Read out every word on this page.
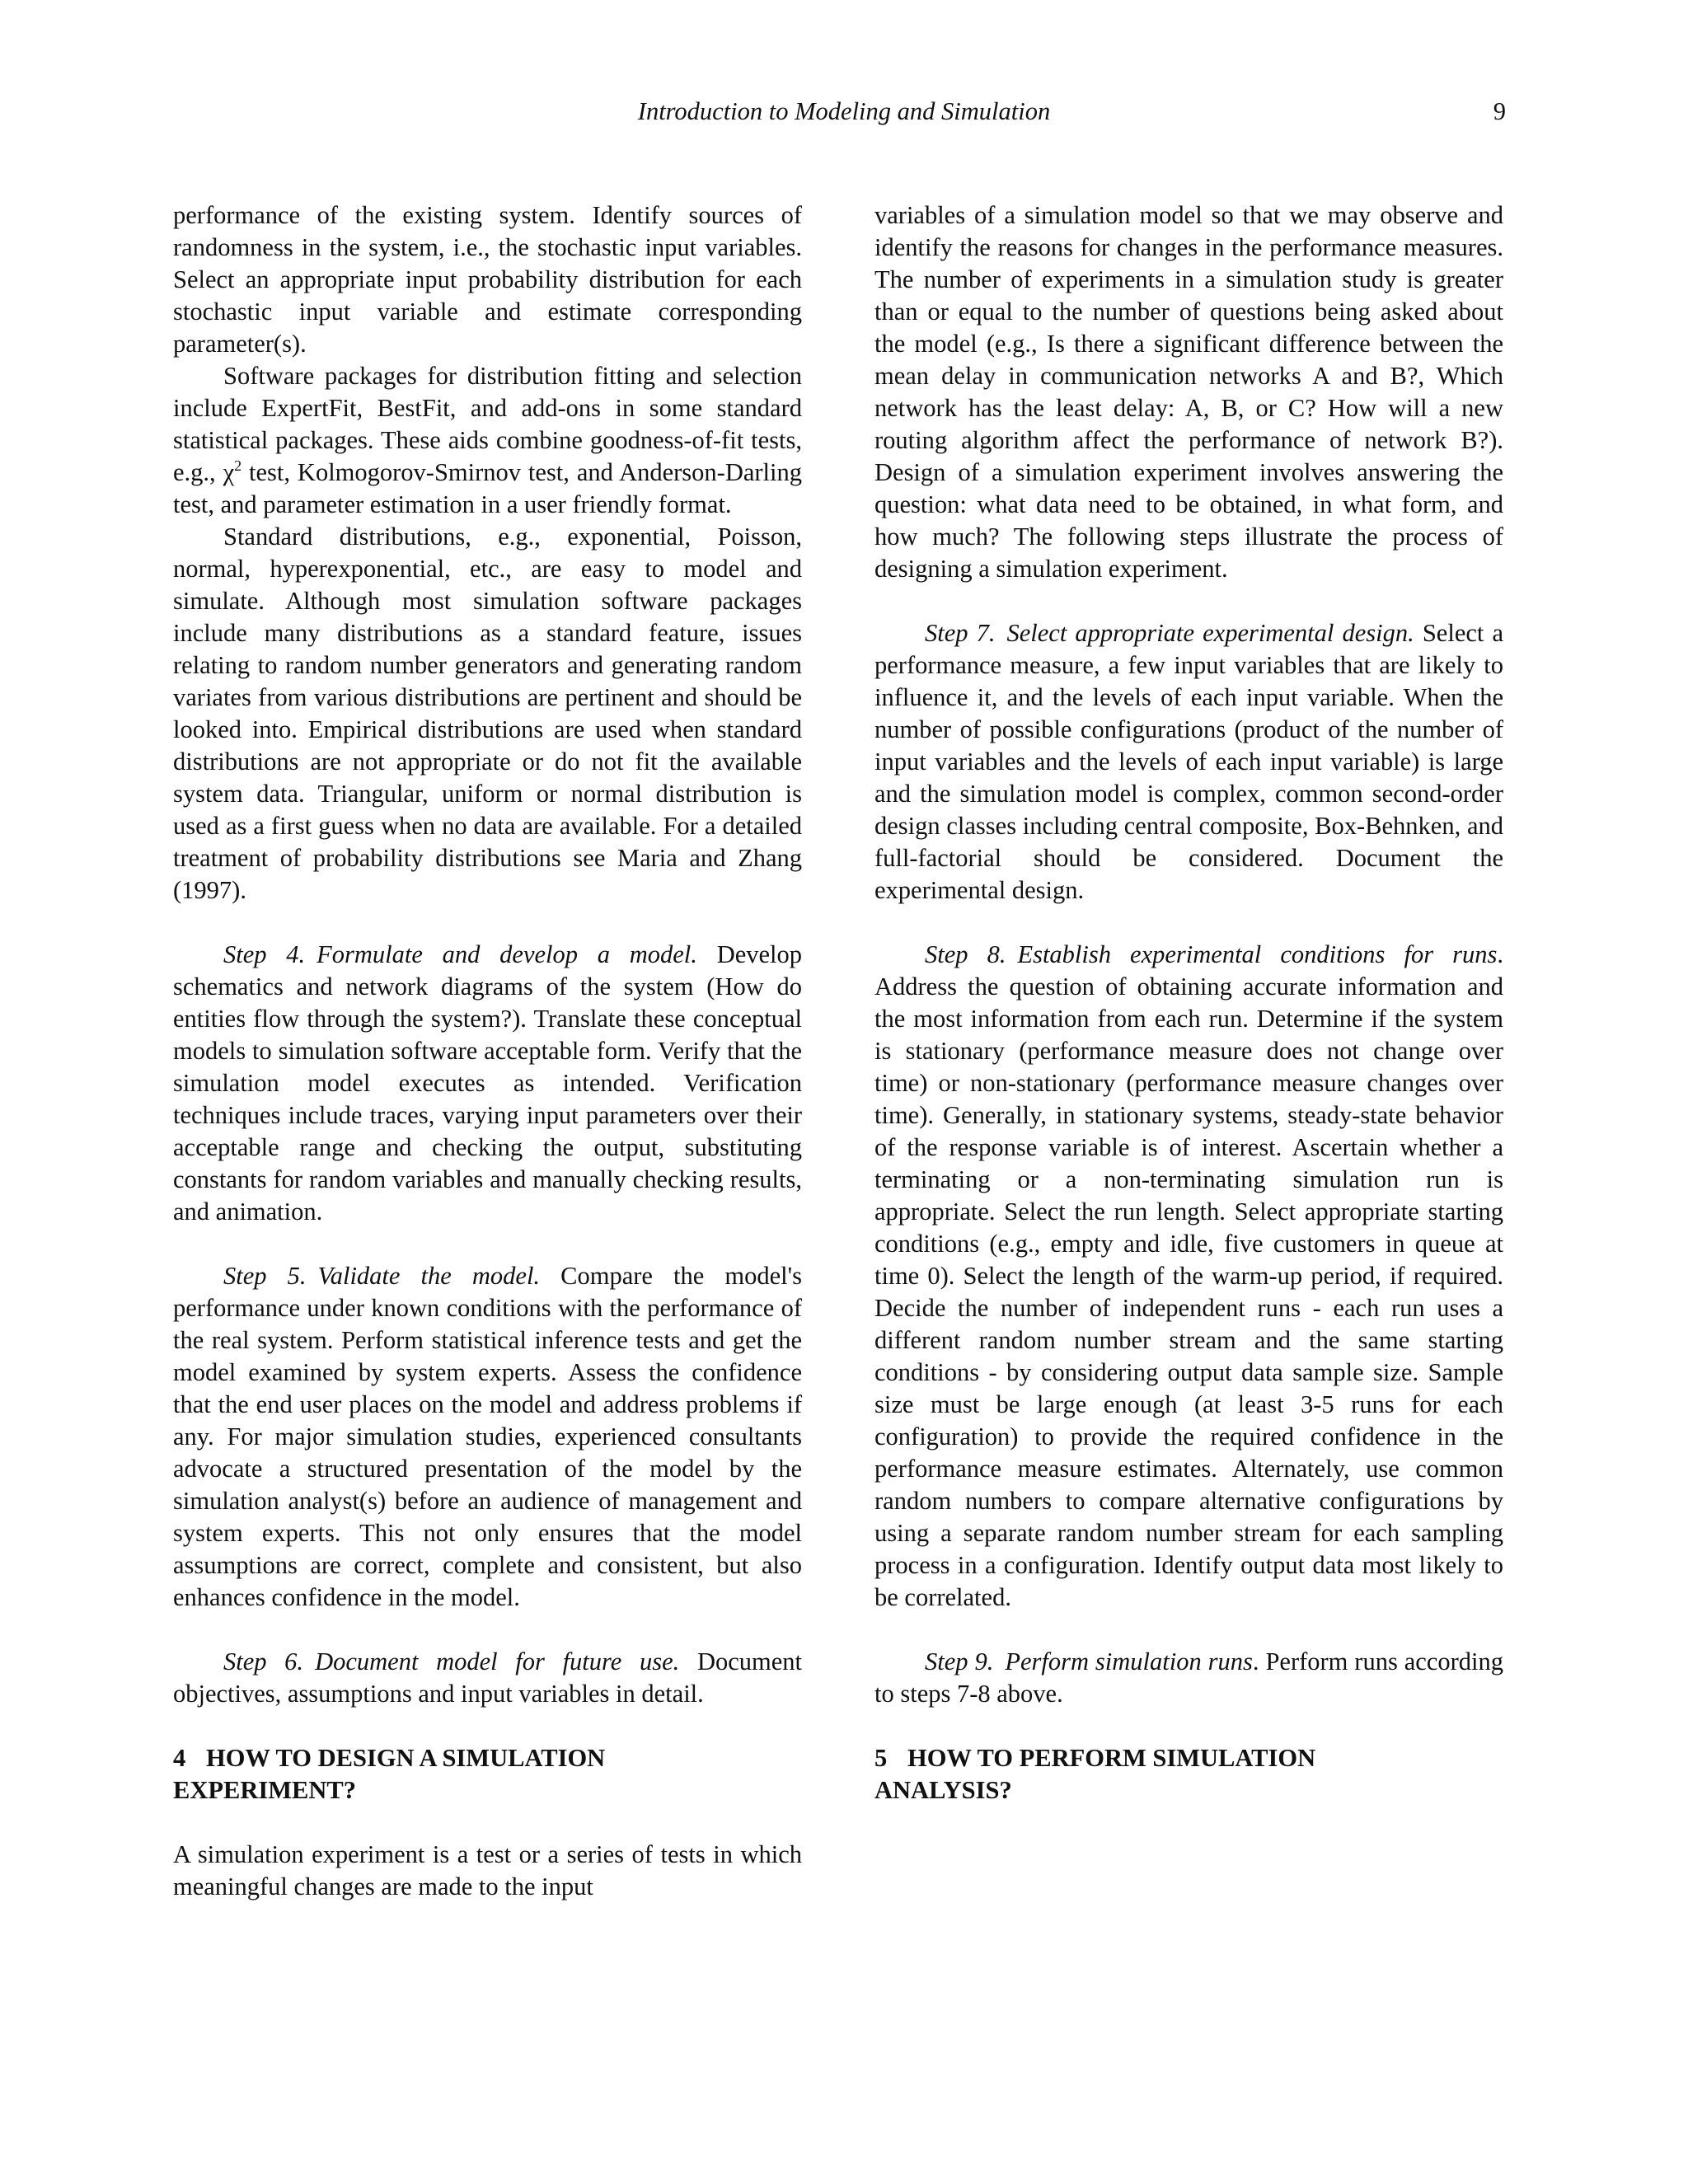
Introduction to Modeling and Simulation	9

performance of the existing system. Identify sources of randomness in the system, i.e., the stochastic input variables. Select an appropriate input probability distribution for each stochastic input variable and estimate corresponding parameter(s).

Software packages for distribution fitting and selection include ExpertFit, BestFit, and add-ons in some standard statistical packages. These aids combine goodness-of-fit tests, e.g., $\chi^2$ test, Kolmogorov-Smirnov test, and Anderson-Darling test, and parameter estimation in a user friendly format.

Standard distributions, e.g., exponential, Poisson, normal, hyperexponential, etc., are easy to model and simulate. Although most simulation software packages include many distributions as a standard feature, issues relating to random number generators and generating random variates from various distributions are pertinent and should be looked into. Empirical distributions are used when standard distributions are not appropriate or do not fit the available system data. Triangular, uniform or normal distribution is used as a first guess when no data are available. For a detailed treatment of probability distributions see Maria and Zhang (1997).

Step 4. Formulate and develop a model. Develop schematics and network diagrams of the system (How do entities flow through the system?). Translate these conceptual models to simulation software acceptable form. Verify that the simulation model executes as intended. Verification techniques include traces, varying input parameters over their acceptable range and checking the output, substituting constants for random variables and manually checking results, and animation.

Step 5. Validate the model. Compare the model's performance under known conditions with the performance of the real system. Perform statistical inference tests and get the model examined by system experts. Assess the confidence that the end user places on the model and address problems if any. For major simulation studies, experienced consultants advocate a structured presentation of the model by the simulation analyst(s) before an audience of management and system experts. This not only ensures that the model assumptions are correct, complete and consistent, but also enhances confidence in the model.

Step 6. Document model for future use. Document objectives, assumptions and input variables in detail.

4 HOW TO DESIGN A SIMULATION
EXPERIMENT?

A simulation experiment is a test or a series of tests in which meaningful changes are made to the input

variables of a simulation model so that we may observe and identify the reasons for changes in the performance measures. The number of experiments in a simulation study is greater than or equal to the number of questions being asked about the model (e.g., Is there a significant difference between the mean delay in communication networks A and B?, Which network has the least delay: A, B, or C? How will a new routing algorithm affect the performance of network B?). Design of a simulation experiment involves answering the question: what data need to be obtained, in what form, and how much? The following steps illustrate the process of designing a simulation experiment.

Step 7. Select appropriate experimental design. Select a performance measure, a few input variables that are likely to influence it, and the levels of each input variable. When the number of possible configurations (product of the number of input variables and the levels of each input variable) is large and the simulation model is complex, common second-order design classes including central composite, Box-Behnken, and full-factorial should be considered. Document the experimental design.

Step 8. Establish experimental conditions for runs. Address the question of obtaining accurate information and the most information from each run. Determine if the system is stationary (performance measure does not change over time) or non-stationary (performance measure changes over time). Generally, in stationary systems, steady-state behavior of the response variable is of interest. Ascertain whether a terminating or a non-terminating simulation run is appropriate. Select the run length. Select appropriate starting conditions (e.g., empty and idle, five customers in queue at time 0). Select the length of the warm-up period, if required. Decide the number of independent runs - each run uses a different random number stream and the same starting conditions - by considering output data sample size. Sample size must be large enough (at least 3-5 runs for each configuration) to provide the required confidence in the performance measure estimates. Alternately, use common random numbers to compare alternative configurations by using a separate random number stream for each sampling process in a configuration. Identify output data most likely to be correlated.

Step 9. Perform simulation runs. Perform runs according to steps 7-8 above.

5 HOW TO PERFORM SIMULATION
ANALYSIS?
